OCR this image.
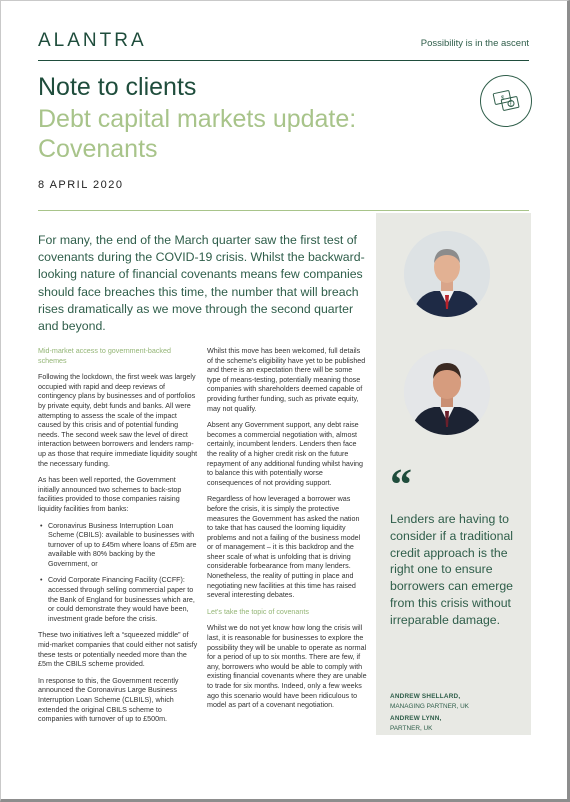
ALANTRA	Possibility is in the ascent
Note to clients
Debt capital markets update: Covenants
$
£
8 APRIL 2020
For many, the end of the March quarter saw the first test of covenants during the COVID-19 crisis. Whilst the backward-looking nature of financial covenants means few companies should face breaches this time, the number that will breach rises dramatically as we move through the second quarter and beyond.

Mid-market access to government-backed schemes

Following the lockdown, the first week was largely occupied with rapid and deep reviews of contingency plans by businesses and of portfolios by private equity, debt funds and banks. All were attempting to assess the scale of the impact caused by this crisis and of potential funding needs. The second week saw the level of direct interaction between borrowers and lenders ramp-up as those that require immediate liquidity sought the necessary funding.

As has been well reported, the Government initially announced two schemes to back-stop facilities provided to those companies raising liquidity facilities from banks:

• Coronavirus Business Interruption Loan Scheme (CBILS): available to businesses with turnover of up to £45m where loans of £5m are available with 80% backing by the Government, or
• Covid Corporate Financing Facility (CCFF): accessed through selling commercial paper to the Bank of England for businesses which are, or could demonstrate they would have been, investment grade before the crisis.

These two initiatives left a “squeezed middle” of mid-market companies that could either not satisfy these tests or potentially needed more than the £5m the CBILS scheme provided.

In response to this, the Government recently announced the Coronavirus Large Business Interruption Loan Scheme (CLBILS), which extended the original CBILS scheme to companies with turnover of up to £500m.

Whilst this move has been welcomed, full details of the scheme’s eligibility have yet to be published and there is an expectation there will be some type of means-testing, potentially meaning those companies with shareholders deemed capable of providing further funding, such as private equity, may not qualify.

Absent any Government support, any debt raise becomes a commercial negotiation with, almost certainly, incumbent lenders. Lenders then face the reality of a higher credit risk on the future repayment of any additional funding whilst having to balance this with potentially worse consequences of not providing support.

Regardless of how leveraged a borrower was before the crisis, it is simply the protective measures the Government has asked the nation to take that has caused the looming liquidity problems and not a failing of the business model or of management – it is this backdrop and the sheer scale of what is unfolding that is driving considerable forbearance from many lenders. Nonetheless, the reality of putting in place and negotiating new facilities at this time has raised several interesting debates.

Let’s take the topic of covenants

Whilst we do not yet know how long the crisis will last, it is reasonable for businesses to explore the possibility they will be unable to operate as normal for a period of up to six months. There are few, if any, borrowers who would be able to comply with existing financial covenants where they are unable to trade for six months. Indeed, only a few weeks ago this scenario would have been ridiculous to model as part of a covenant negotiation.

“
Lenders are having to consider if a traditional credit approach is the right one to ensure borrowers can emerge from this crisis without irreparable damage.
ANDREW SHELLARD,
MANAGING PARTNER, UK
ANDREW LYNN,
PARTNER, UK
